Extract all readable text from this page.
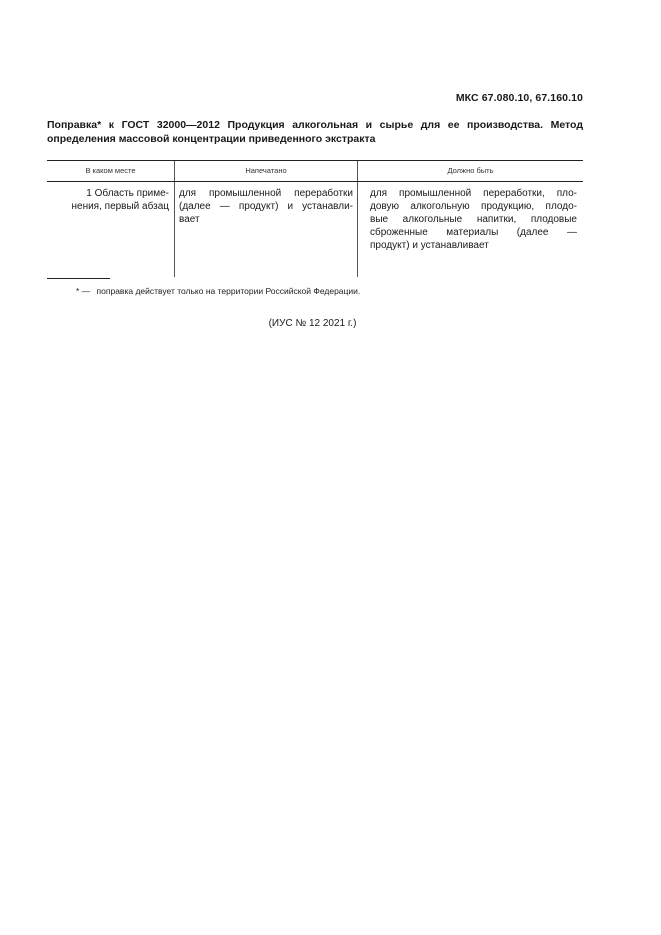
МКС 67.080.10, 67.160.10
Поправка* к ГОСТ 32000—2012 Продукция алкогольная и сырье для ее производства. Метод
определения массовой концентрации приведенного экстракта
В каком месте	Напечатано	Должно быть
1 Область приме-
нения, первый абзац
для промышленной переработки
(далее — продукт) и устанавли-
вает
для промышленной переработки, пло-
довую алкогольную продукцию, плодо-
вые алкогольные напитки, плодовые
сброженные материалы (далее —
продукт) и устанавливает
* — поправка действует только на территории Российской Федерации.
(ИУС № 12 2021 г.)
